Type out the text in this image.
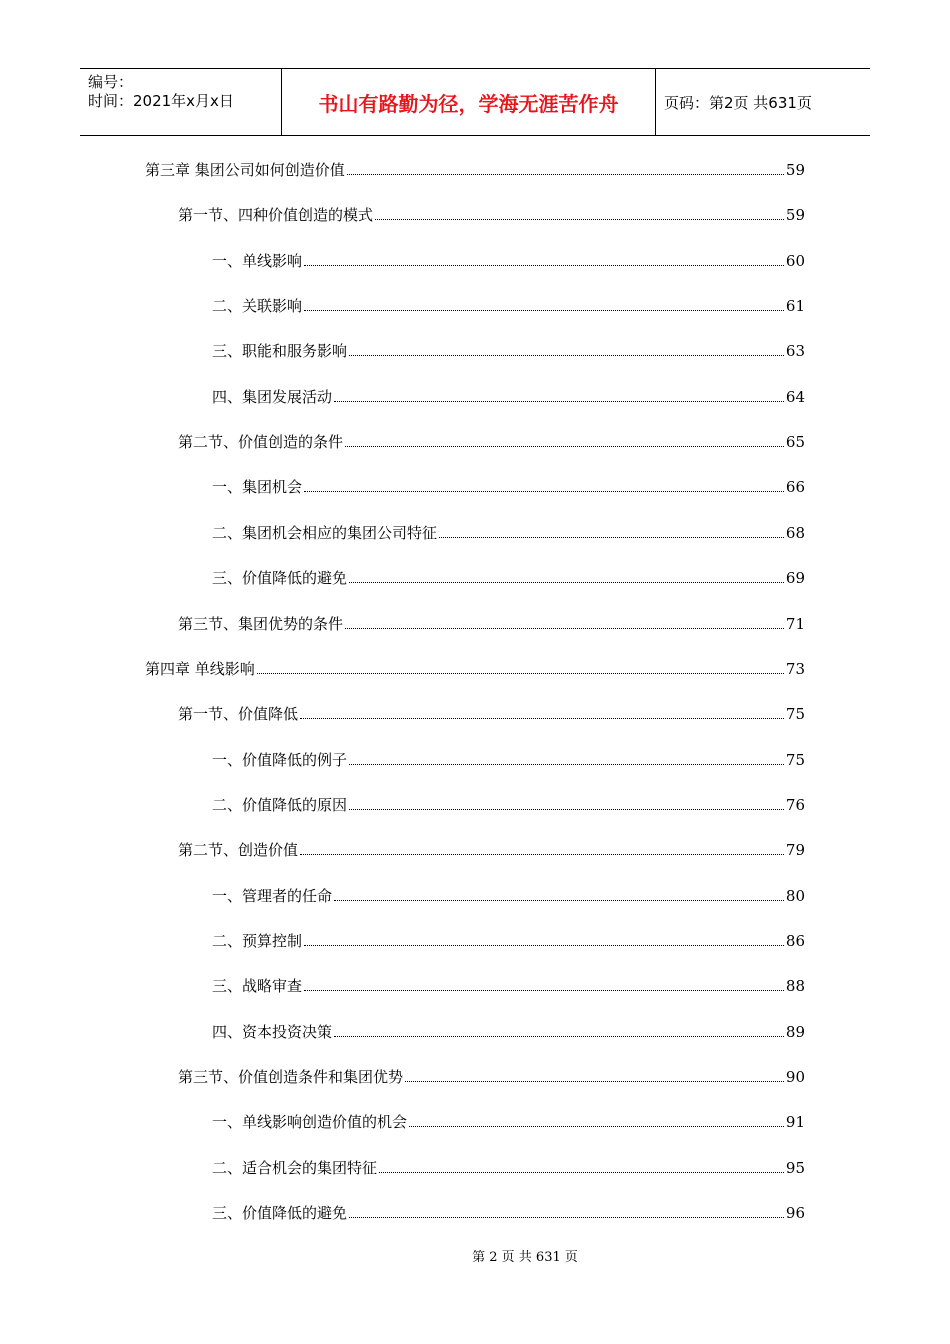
编号：
时间：2021年x月x日	书山有路勤为径，学海无涯苦作舟	页码：第2页 共631页
第三章 集团公司如何创造价值	59
第一节、四种价值创造的模式	59
一、单线影响	60
二、关联影响	61
三、职能和服务影响	63
四、集团发展活动	64
第二节、价值创造的条件	65
一、集团机会	66
二、集团机会相应的集团公司特征	68
三、价值降低的避免	69
第三节、集团优势的条件	71
第四章 单线影响	73
第一节、价值降低	75
一、价值降低的例子	75
二、价值降低的原因	76
第二节、创造价值	79
一、管理者的任命	80
二、预算控制	86
三、战略审查	88
四、资本投资决策	89
第三节、价值创造条件和集团优势	90
一、单线影响创造价值的机会	91
二、适合机会的集团特征	95
三、价值降低的避免	96
第 2 页 共 631 页
